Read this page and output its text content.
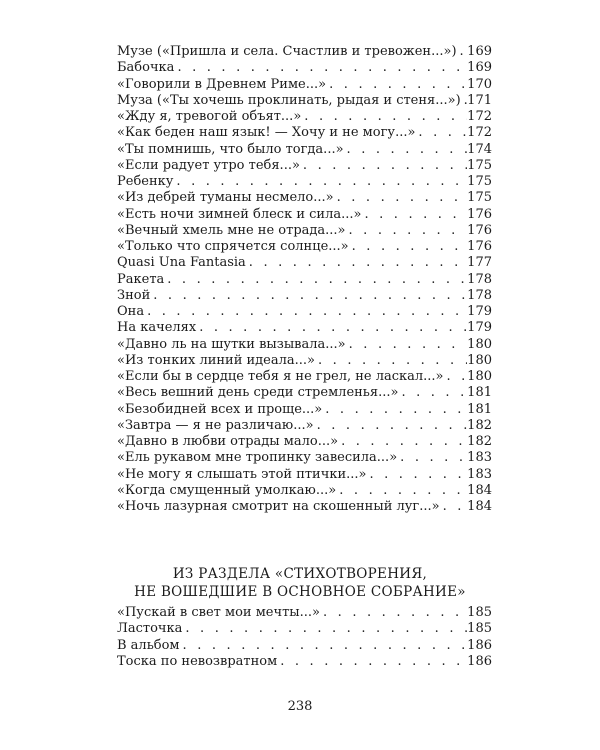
Музе («Пришла и села. Счастлив и тревожен...») . . . 169
Бабочка . . .	169
«Говорили в Древнем Риме...» . . .	170
Муза («Ты хочешь проклинать, рыдая и стеня...») . . . 171
«Жду я, тревогой объят...» . . .	172
«Как беден наш язык! — Хочу и не могу...» . . .	172
«Ты помнишь, что было тогда...» . . .	174
«Если радует утро тебя...» . . .	175
Ребенку . . .	175
«Из дебрей туманы несмело...» . . .	175
«Есть ночи зимней блеск и сила...» . . .	176
«Вечный хмель мне не отрада...» . . .	176
«Только что спрячется солнце...» . . .	176
Quasi Una Fantasia . . .	177
Ракета . . .	178
Зной . . .	178
Она . . .	179
На качелях . . .	179
«Давно ль на шутки вызывала...» . . .	180
«Из тонких линий идеала...» . . .	180
«Если бы в сердце тебя я не грел, не ласкал...» . . . 180
«Весь вешний день среди стремленья...» . . .	181
«Безобидней всех и проще...» . . .	181
«Завтра — я не различаю...» . . .	182
«Давно в любви отрады мало...» . . .	182
«Ель рукавом мне тропинку завесила...» . . .	183
«Не могу я слышать этой птички...» . . .	183
«Когда смущенный умолкаю...» . . .	184
«Ночь лазурная смотрит на скошенный луг...» . . . 184
ИЗ РАЗДЕЛА «СТИХОТВОРЕНИЯ,
НЕ ВОШЕДШИЕ В ОСНОВНОЕ СОБРАНИЕ»
«Пускай в свет мои мечты...» . . .	185
Ласточка . . .	185
В альбом . . .	186
Тоска по невозвратном . . .	186
238
